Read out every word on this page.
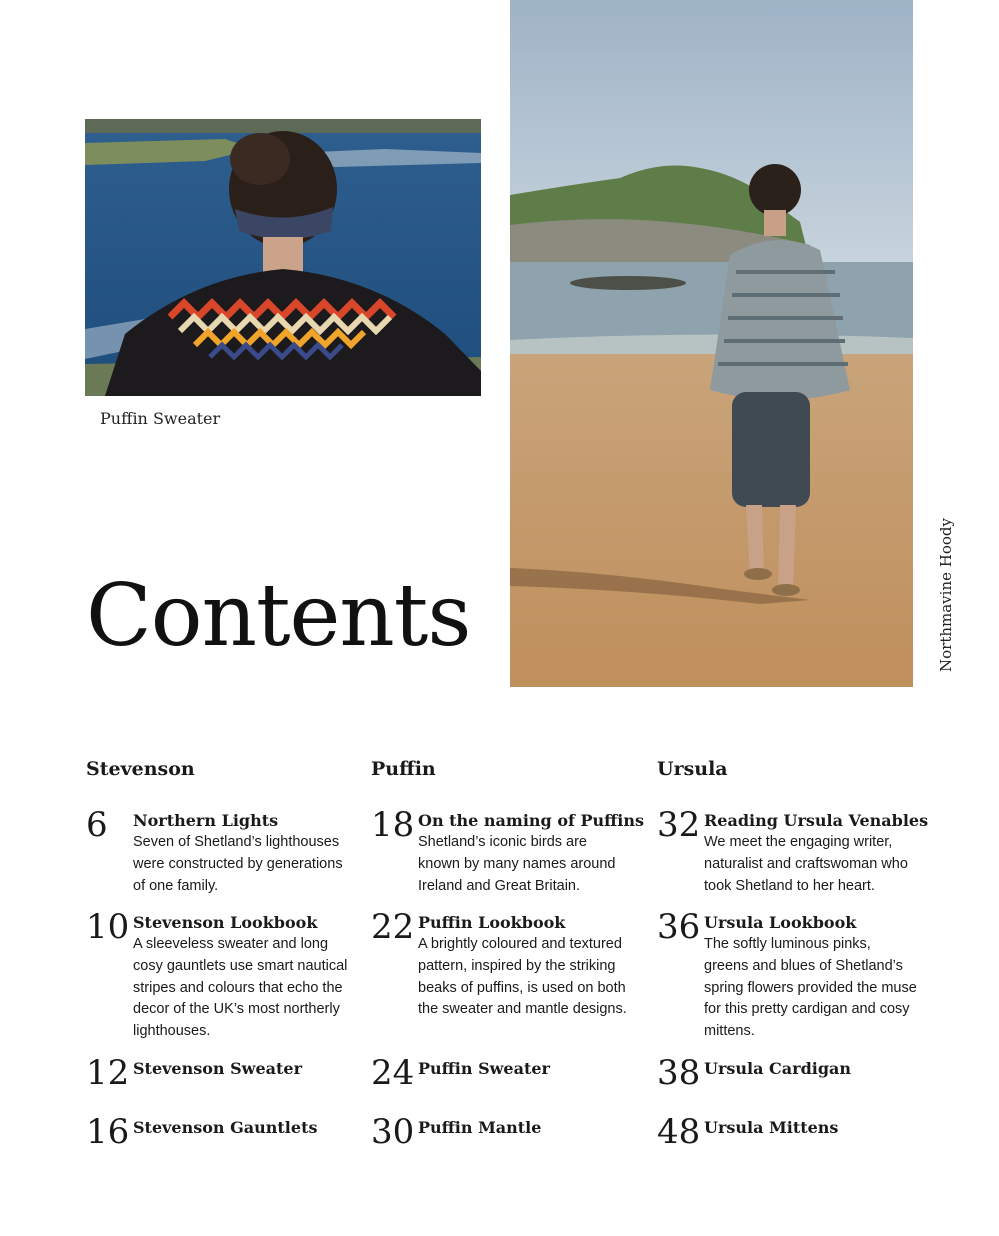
Puffin Sweater
Northmavine Hoody
Contents
Stevenson
6 Northern Lights
Seven of Shetland’s lighthouses were constructed by generations of one family.
10 Stevenson Lookbook
A sleeveless sweater and long cosy gauntlets use smart nautical stripes and colours that echo the decor of the UK’s most northerly lighthouses.
12 Stevenson Sweater
16 Stevenson Gauntlets
Puffin
18 On the naming of Puffins
Shetland’s iconic birds are known by many names around Ireland and Great Britain.
22 Puffin Lookbook
A brightly coloured and textured pattern, inspired by the striking beaks of puffins, is used on both the sweater and mantle designs.
24 Puffin Sweater
30 Puffin Mantle
Ursula
32 Reading Ursula Venables
We meet the engaging writer, naturalist and craftswoman who took Shetland to her heart.
36 Ursula Lookbook
The softly luminous pinks, greens and blues of Shetland’s spring flowers provided the muse for this pretty cardigan and cosy mittens.
38 Ursula Cardigan
48 Ursula Mittens
